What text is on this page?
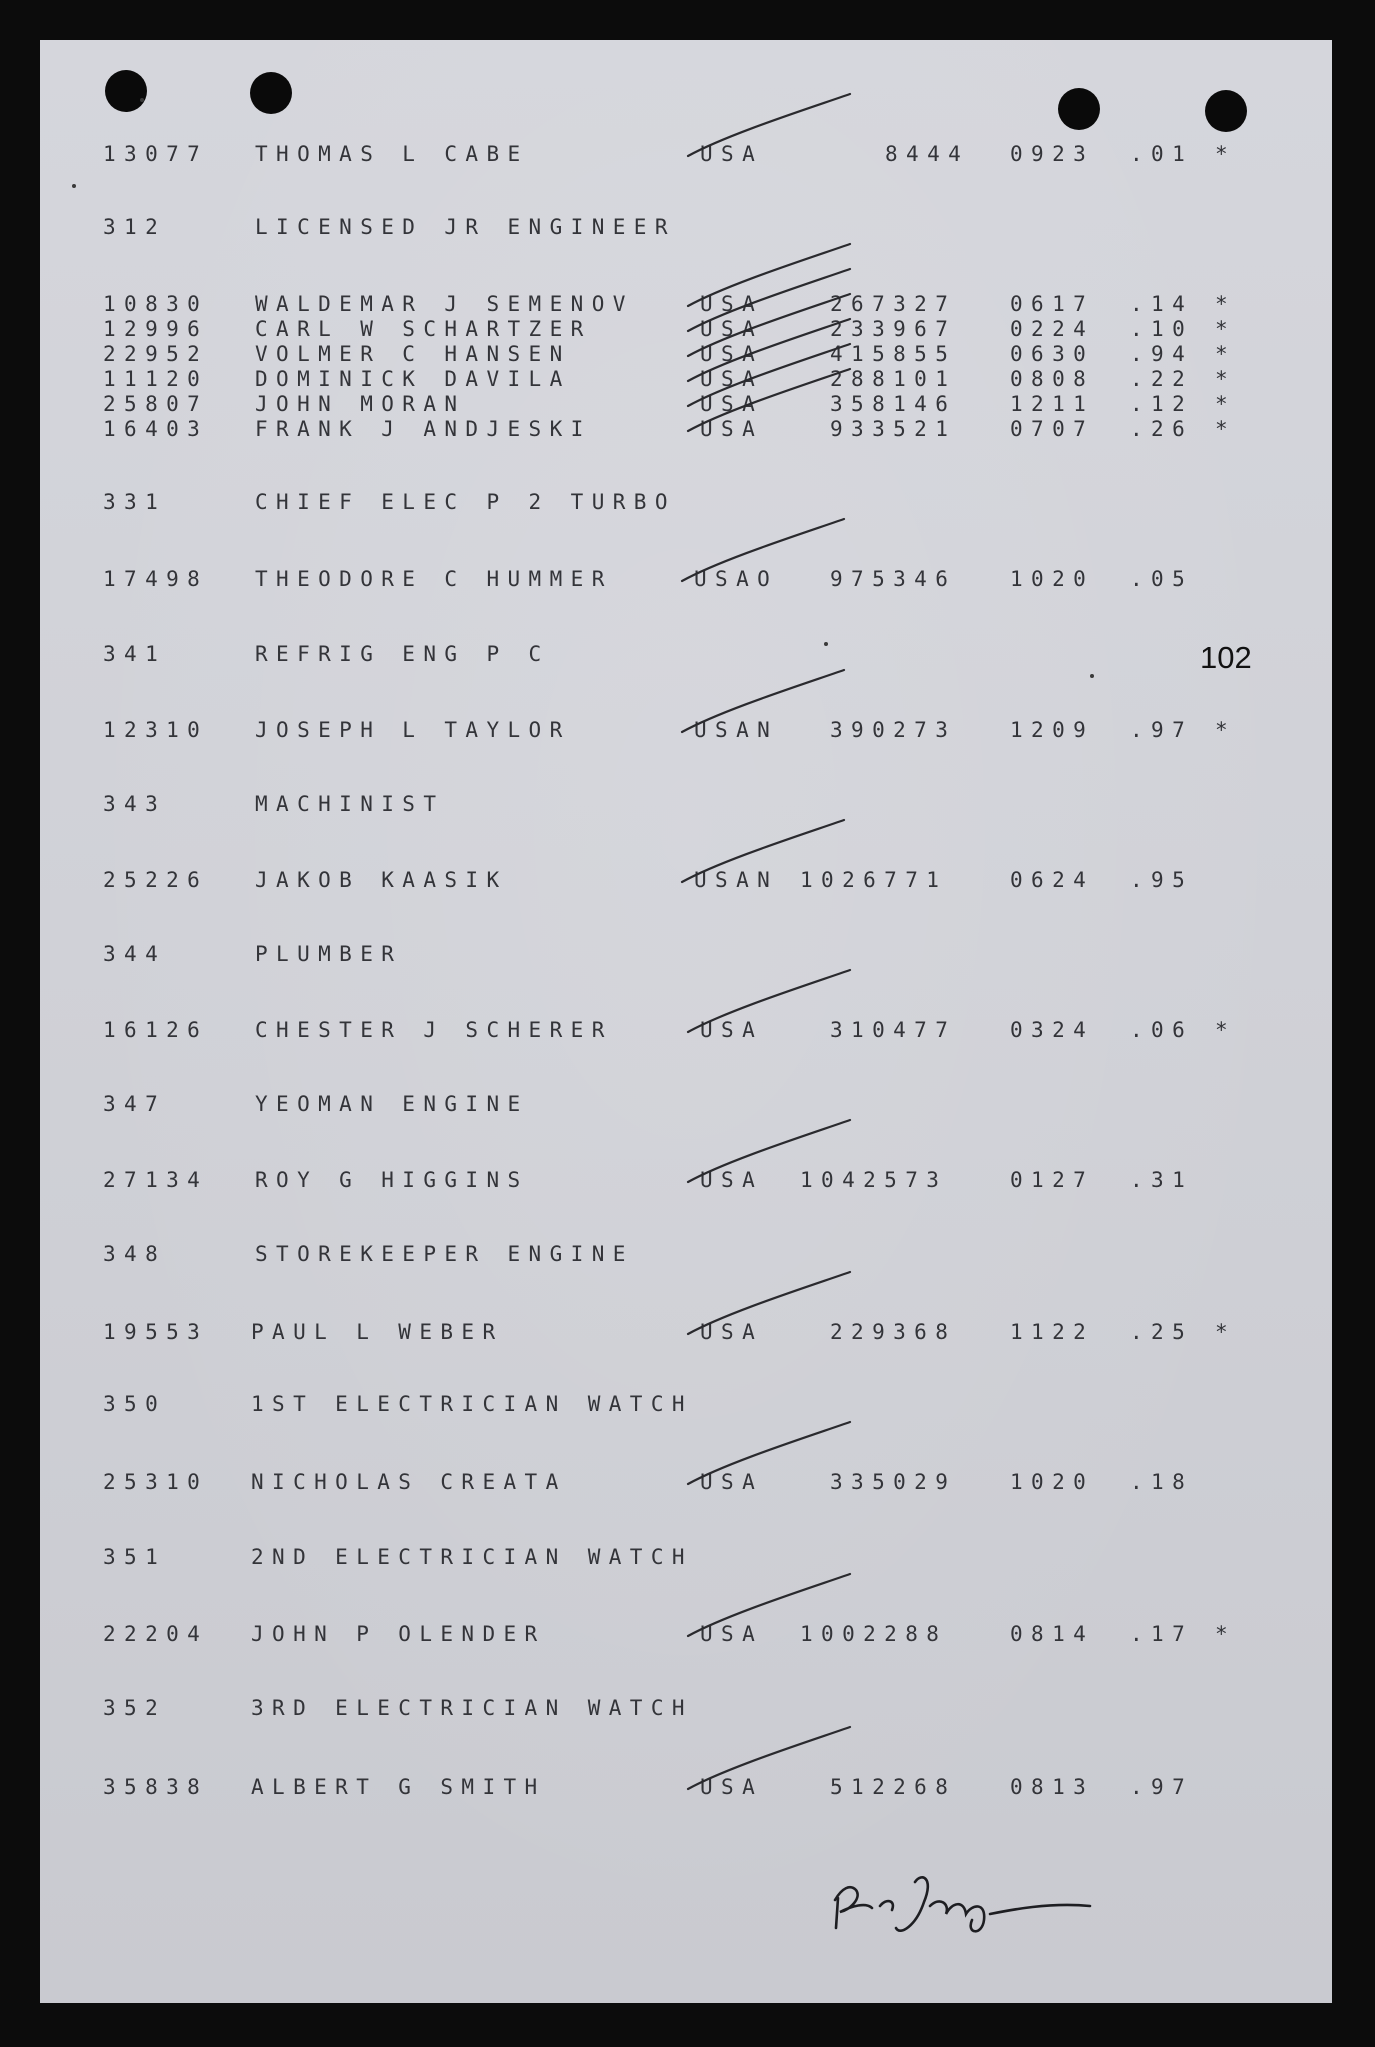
13077 THOMAS L CABE	USA	8444 0923 .01 *
312	LICENSED JR ENGINEER
10830 WALDEMAR J SEMENOV	USA	267327	0617 .14 *
12996 CARL W SCHARTZER	USA	233967	0224 .10 *
22952 VOLMER C HANSEN	USA	415855	0630 .94 *
11120 DOMINICK DAVILA	USA	288101	0808 .22 *
25807 JOHN MORAN	USA	358146	1211 .12 *
16403 FRANK J ANDJESKI	USA	933521	0707 .26 *
331	CHIEF ELEC P 2 TURBO
17498 THEODORE C HUMMER	USAO 975346	1020 .05
341	REFRIG ENG P C
12310 JOSEPH L TAYLOR	USAN 390273	1209 .97 *
343	MACHINIST
25226 JAKOB KAASIK	USAN 1026771	0624 .95
344	PLUMBER
16126 CHESTER J SCHERER	USA	310477	0324 .06 *
347	YEOMAN ENGINE
27134 ROY G HIGGINS	USA 1042573	0127 .31
348	STOREKEEPER ENGINE
19553 PAUL L WEBER	USA	229368	1122 .25 *
350	1ST ELECTRICIAN WATCH
25310 NICHOLAS CREATA	USA	335029	1020 .18
351	2ND ELECTRICIAN WATCH
22204 JOHN P OLENDER	USA 1002288	0814 .17 *
352	3RD ELECTRICIAN WATCH
35838 ALBERT G SMITH	USA	512268	0813 .97
102
